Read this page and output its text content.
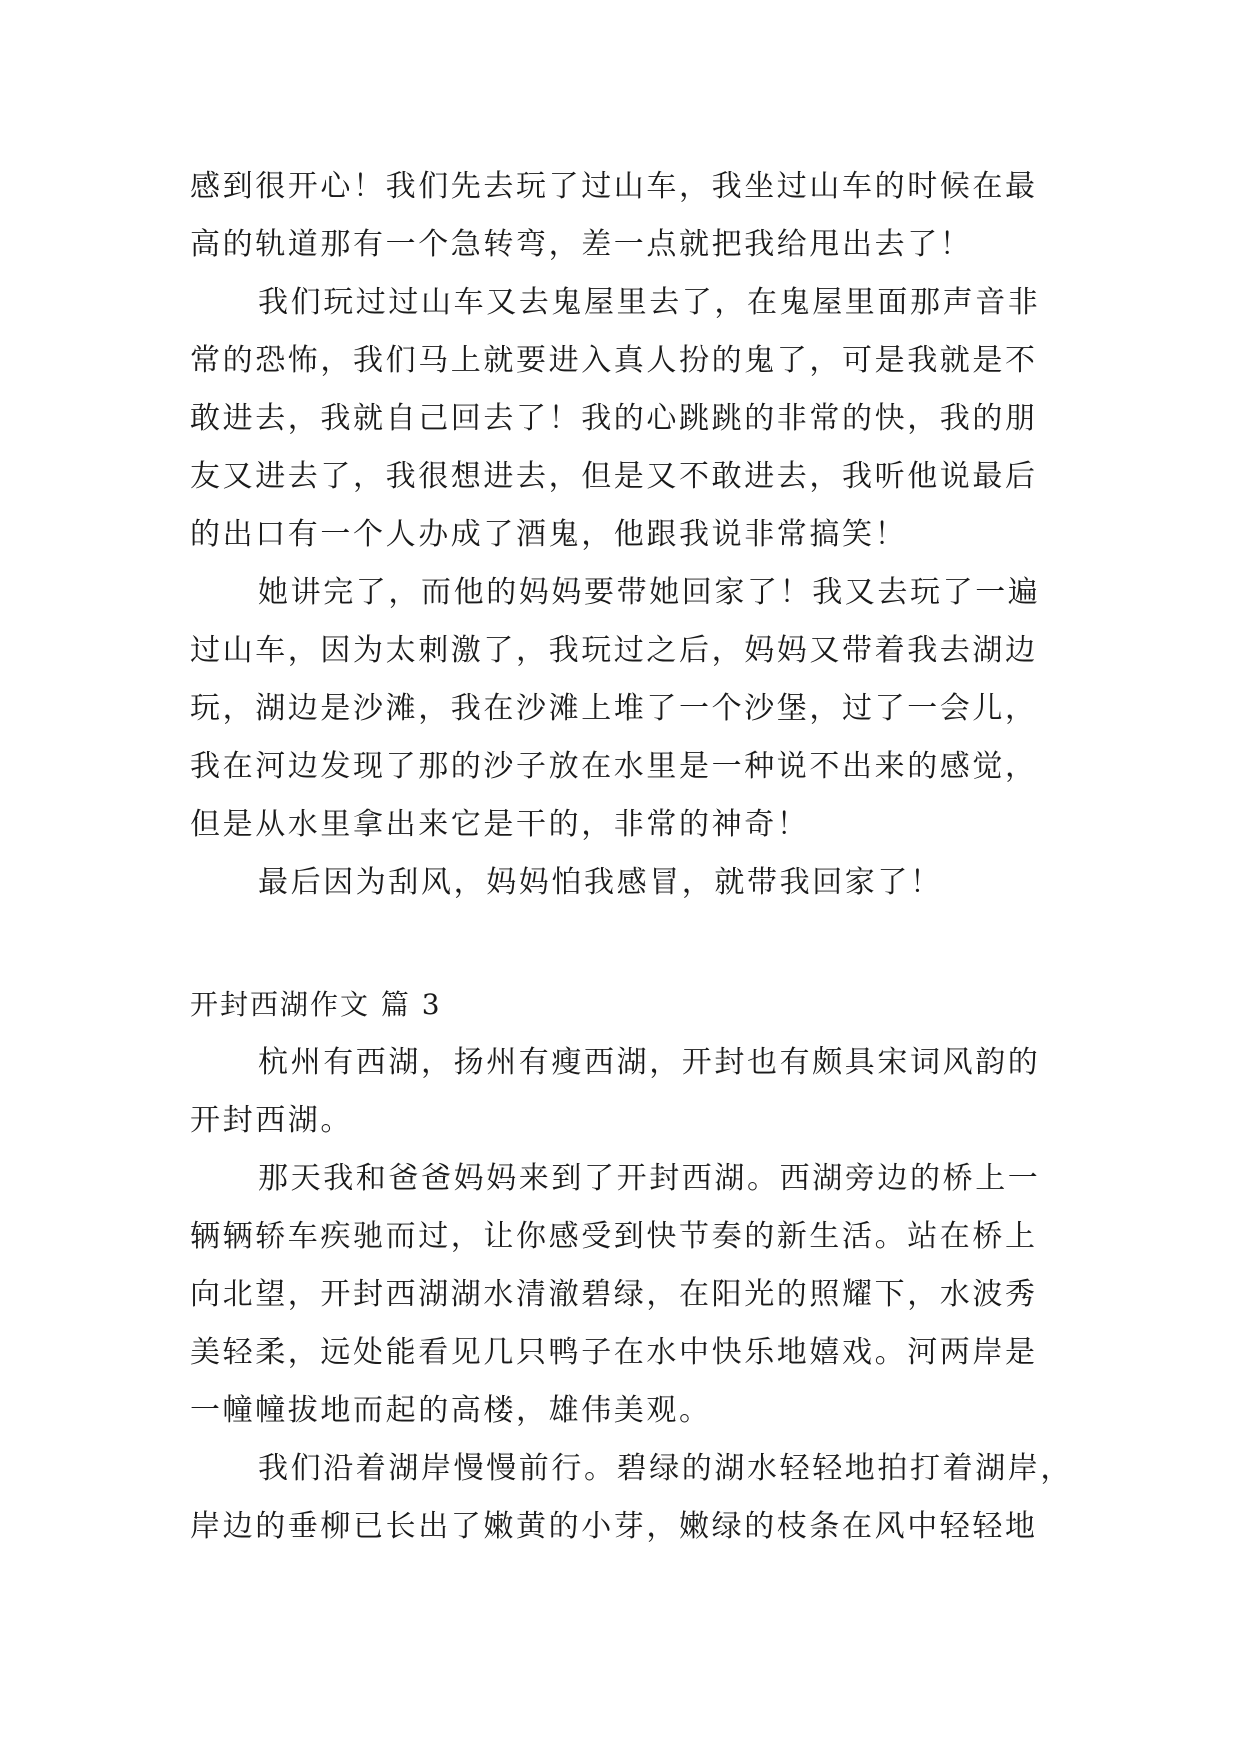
感到很开心！我们先去玩了过山车，我坐过山车的时候在最
高的轨道那有一个急转弯，差一点就把我给甩出去了！
我们玩过过山车又去鬼屋里去了，在鬼屋里面那声音非
常的恐怖，我们马上就要进入真人扮的鬼了，可是我就是不
敢进去，我就自己回去了！我的心跳跳的非常的快，我的朋
友又进去了，我很想进去，但是又不敢进去，我听他说最后
的出口有一个人办成了酒鬼，他跟我说非常搞笑！
她讲完了，而他的妈妈要带她回家了！我又去玩了一遍
过山车，因为太刺激了，我玩过之后，妈妈又带着我去湖边
玩，湖边是沙滩，我在沙滩上堆了一个沙堡，过了一会儿，
我在河边发现了那的沙子放在水里是一种说不出来的感觉，
但是从水里拿出来它是干的，非常的神奇！
最后因为刮风，妈妈怕我感冒，就带我回家了！
开封西湖作文 篇 3
杭州有西湖，扬州有瘦西湖，开封也有颇具宋词风韵的
开封西湖。
那天我和爸爸妈妈来到了开封西湖。西湖旁边的桥上一
辆辆轿车疾驰而过，让你感受到快节奏的新生活。站在桥上
向北望，开封西湖湖水清澈碧绿，在阳光的照耀下，水波秀
美轻柔，远处能看见几只鸭子在水中快乐地嬉戏。河两岸是
一幢幢拔地而起的高楼，雄伟美观。
我们沿着湖岸慢慢前行。碧绿的湖水轻轻地拍打着湖岸，
岸边的垂柳已长出了嫩黄的小芽，嫩绿的枝条在风中轻轻地
